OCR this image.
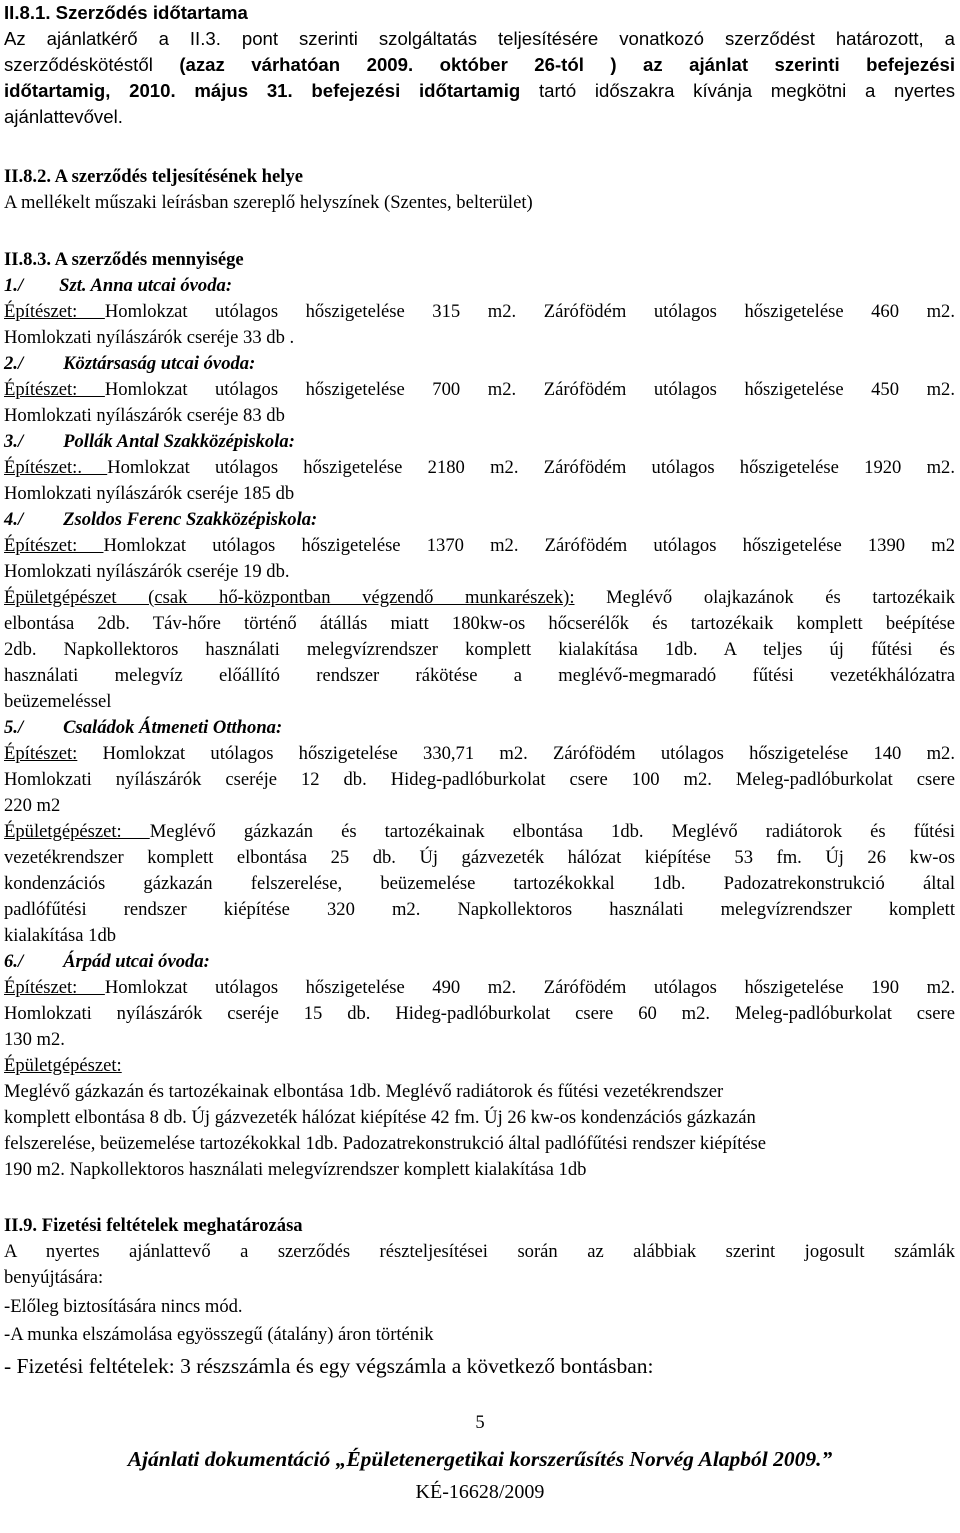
II.8.1. Szerződés időtartama
Az ajánlatkérő a II.3. pont szerinti szolgáltatás teljesítésére vonatkozó szerződést határozott, a
szerződéskötéstől (azaz várhatóan 2009. október 26-tól ) az ajánlat szerinti befejezési
időtartamig, 2010. május 31. befejezési időtartamig tartó időszakra kívánja megkötni a nyertes
ajánlattevővel.
II.8.2. A szerződés teljesítésének helye
A mellékelt műszaki leírásban szereplő helyszínek (Szentes, belterület)
II.8.3. A szerződés mennyisége
1./ Szt. Anna utcai óvoda:
Építészet: Homlokzat utólagos hőszigetelése 315 m2. Zárófödém utólagos hőszigetelése 460 m2.
Homlokzati nyílászárók cseréje 33 db .
2./ Köztársaság utcai óvoda:
Építészet: Homlokzat utólagos hőszigetelése 700 m2. Zárófödém utólagos hőszigetelése 450 m2.
Homlokzati nyílászárók cseréje 83 db
3./ Pollák Antal Szakközépiskola:
Építészet:. Homlokzat utólagos hőszigetelése 2180 m2. Zárófödém utólagos hőszigetelése 1920 m2.
Homlokzati nyílászárók cseréje 185 db
4./ Zsoldos Ferenc Szakközépiskola:
Építészet: Homlokzat utólagos hőszigetelése 1370 m2. Zárófödém utólagos hőszigetelése 1390 m2
Homlokzati nyílászárók cseréje 19 db.
Épületgépészet (csak hő-központban végzendő munkarészek): Meglévő olajkazánok és tartozékaik
elbontása 2db. Táv-hőre történő átállás miatt 180kw-os hőcserélők és tartozékaik komplett beépítése
2db. Napkollektoros használati melegvízrendszer komplett kialakítása 1db. A teljes új fűtési és
használati melegvíz előállító rendszer rákötése a meglévő-megmaradó fűtési vezetékhálózatra
beüzemeléssel
5./ Családok Átmeneti Otthona:
Építészet: Homlokzat utólagos hőszigetelése 330,71 m2. Zárófödém utólagos hőszigetelése 140 m2.
Homlokzati nyílászárók cseréje 12 db. Hideg-padlóburkolat csere 100 m2. Meleg-padlóburkolat csere
220 m2
Épületgépészet: Meglévő gázkazán és tartozékainak elbontása 1db. Meglévő radiátorok és fűtési
vezetékrendszer komplett elbontása 25 db. Új gázvezeték hálózat kiépítése 53 fm. Új 26 kw-os
kondenzációs gázkazán felszerelése, beüzemelése tartozékokkal 1db. Padozatrekonstrukció által
padlófűtési rendszer kiépítése 320 m2. Napkollektoros használati melegvízrendszer komplett
kialakítása 1db
6./ Árpád utcai óvoda:
Építészet: Homlokzat utólagos hőszigetelése 490 m2. Zárófödém utólagos hőszigetelése 190 m2.
Homlokzati nyílászárók cseréje 15 db. Hideg-padlóburkolat csere 60 m2. Meleg-padlóburkolat csere
130 m2.
Épületgépészet:
Meglévő gázkazán és tartozékainak elbontása 1db. Meglévő radiátorok és fűtési vezetékrendszer
komplett elbontása 8 db. Új gázvezeték hálózat kiépítése 42 fm. Új 26 kw-os kondenzációs gázkazán
felszerelése, beüzemelése tartozékokkal 1db. Padozatrekonstrukció által padlófűtési rendszer kiépítése
190 m2. Napkollektoros használati melegvízrendszer komplett kialakítása 1db
II.9. Fizetési feltételek meghatározása
A nyertes ajánlattevő a szerződés részteljesítései során az alábbiak szerint jogosult számlák
benyújtására:
-Előleg biztosítására nincs mód.
-A munka elszámolása egyösszegű (átalány) áron történik
- Fizetési feltételek: 3 részszámla és egy végszámla a következő bontásban:
5
Ajánlati dokumentáció „Épületenergetikai korszerűsítés Norvég Alapból 2009.”
KÉ-16628/2009
